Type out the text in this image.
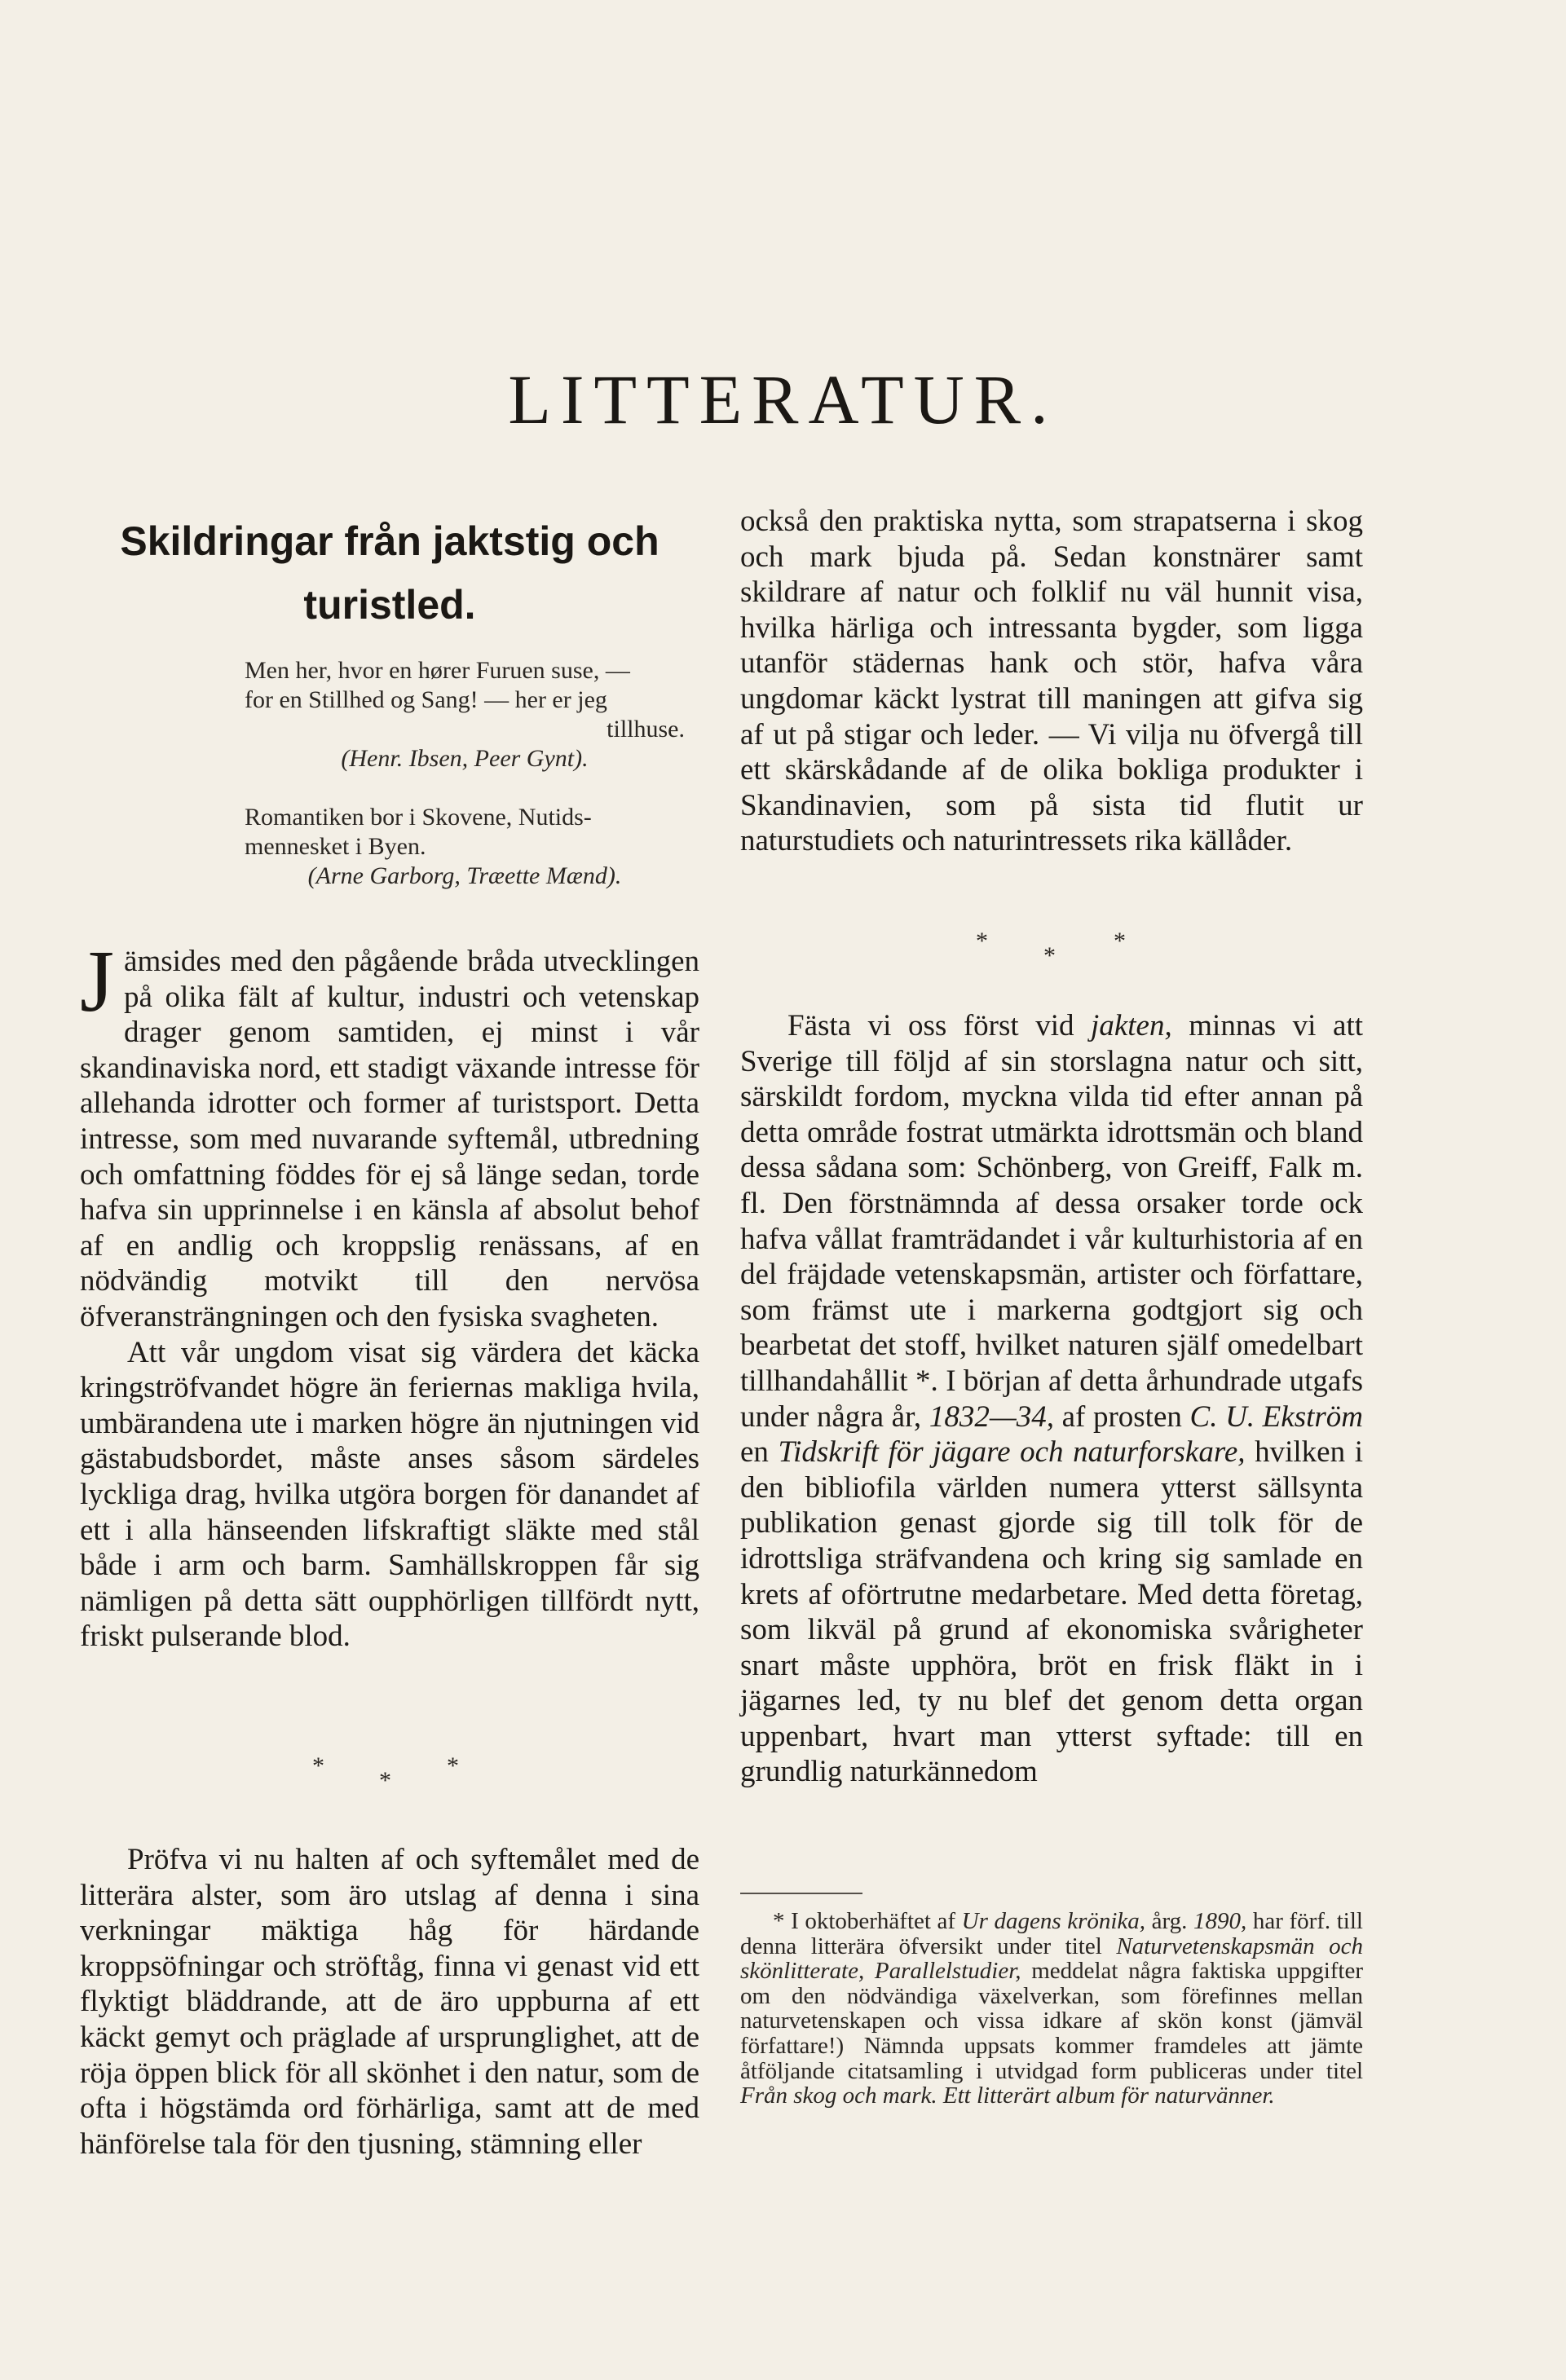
LITTERATUR.
Skildringar från jaktstig och turistled.
Men her, hvor en hører Furuen suse, —
for en Stillhed og Sang! — her er jeg
tillhuse.
(Henr. Ibsen, Peer Gynt).
Romantiken bor i Skovene, Nutids-
mennesket i Byen.
(Arne Garborg, Træette Mænd).

Jämsides med den pågående bråda utvecklingen på olika fält af kultur, industri och vetenskap drager genom samtiden, ej minst i vår skandinaviska nord, ett stadigt växande intresse för allehanda idrotter och former af turistsport. Detta intresse, som med nuvarande syftemål, utbredning och omfattning föddes för ej så länge sedan, torde hafva sin upprinnelse i en känsla af absolut behof af en andlig och kroppslig renässans, af en nödvändig motvikt till den nervösa öfveransträngningen och den fysiska svagheten.

Att vår ungdom visat sig värdera det käcka kringströfvandet högre än feriernas makliga hvila, umbärandena ute i marken högre än njutningen vid gästabudsbordet, måste anses såsom särdeles lyckliga drag, hvilka utgöra borgen för danandet af ett i alla hänseenden lifskraftigt släkte med stål både i arm och barm. Samhällskroppen får sig nämligen på detta sätt oupphörligen tillfördt nytt, friskt pulserande blod.

*
*
*

Pröfva vi nu halten af och syftemålet med de litterära alster, som äro utslag af denna i sina verkningar mäktiga håg för härdande kroppsöfningar och ströftåg, finna vi genast vid ett flyktigt bläddrande, att de äro uppburna af ett käckt gemyt och präglade af ursprunglighet, att de röja öppen blick för all skönhet i den natur, som de ofta i högstämda ord förhärliga, samt att de med hänförelse tala för den tjusning, stämning eller

också den praktiska nytta, som strapatserna i skog och mark bjuda på. Sedan konstnärer samt skildrare af natur och folklif nu väl hunnit visa, hvilka härliga och intressanta bygder, som ligga utanför städernas hank och stör, hafva våra ungdomar käckt lystrat till maningen att gifva sig af ut på stigar och leder. — Vi vilja nu öfvergå till ett skärskådande af de olika bokliga produkter i Skandinavien, som på sista tid flutit ur naturstudiets och naturintressets rika källåder.

*
*
*

Fästa vi oss först vid jakten, minnas vi att Sverige till följd af sin storslagna natur och sitt, särskildt fordom, myckna vilda tid efter annan på detta område fostrat utmärkta idrottsmän och bland dessa sådana som: Schönberg, von Greiff, Falk m. fl. Den förstnämnda af dessa orsaker torde ock hafva vållat framträdandet i vår kulturhistoria af en del fräjdade vetenskapsmän, artister och författare, som främst ute i markerna godtgjort sig och bearbetat det stoff, hvilket naturen själf omedelbart tillhandahållit *. I början af detta århundrade utgafs under några år, 1832—34, af prosten C. U. Ekström en Tidskrift för jägare och naturforskare, hvilken i den bibliofila världen numera ytterst sällsynta publikation genast gjorde sig till tolk för de idrottsliga sträfvandena och kring sig samlade en krets af oförtrutne medarbetare. Med detta företag, som likväl på grund af ekonomiska svårigheter snart måste upphöra, bröt en frisk fläkt in i jägarnes led, ty nu blef det genom detta organ uppenbart, hvart man ytterst syftade: till en grundlig naturkännedom

* I oktoberhäftet af Ur dagens krönika, årg. 1890, har förf. till denna litterära öfversikt under titel Naturvetenskapsmän och skönlitterate, Parallelstudier, meddelat några faktiska uppgifter om den nödvändiga växelverkan, som förefinnes mellan naturvetenskapen och vissa idkare af skön konst (jämväl författare!) Nämnda uppsats kommer framdeles att jämte åtföljande citatsamling i utvidgad form publiceras under titel Från skog och mark. Ett litterärt album för naturvänner.
